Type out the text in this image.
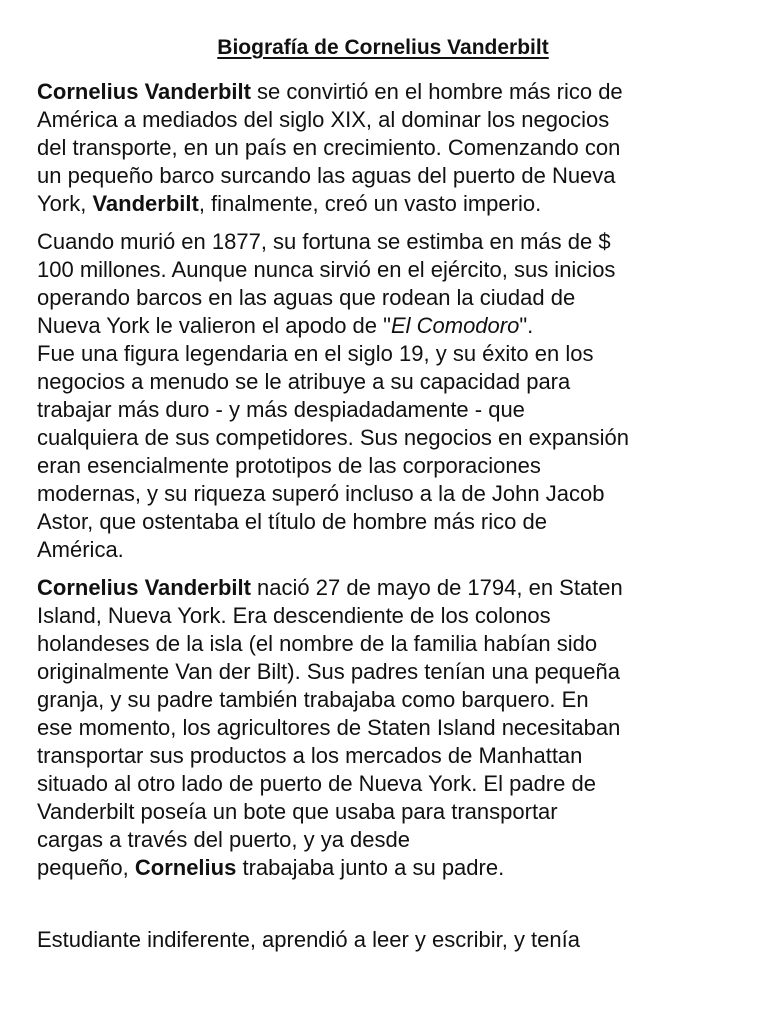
Biografía de Cornelius Vanderbilt

Cornelius Vanderbilt se convirtió en el hombre más rico de
América a mediados del siglo XIX, al dominar los negocios
del transporte, en un país en crecimiento. Comenzando con
un pequeño barco surcando las aguas del puerto de Nueva
York, Vanderbilt, finalmente, creó un vasto imperio.

Cuando murió en 1877, su fortuna se estimba en más de $
100 millones. Aunque nunca sirvió en el ejército, sus inicios
operando barcos en las aguas que rodean la ciudad de
Nueva York le valieron el apodo de "El Comodoro".
Fue una figura legendaria en el siglo 19, y su éxito en los
negocios a menudo se le atribuye a su capacidad para
trabajar más duro - y más despiadadamente - que
cualquiera de sus competidores. Sus negocios en expansión
eran esencialmente prototipos de las corporaciones
modernas, y su riqueza superó incluso a la de John Jacob
Astor, que ostentaba el título de hombre más rico de
América.

Cornelius Vanderbilt nació 27 de mayo de 1794, en Staten
Island, Nueva York. Era descendiente de los colonos
holandeses de la isla (el nombre de la familia habían sido
originalmente Van der Bilt). Sus padres tenían una pequeña
granja, y su padre también trabajaba como barquero. En
ese momento, los agricultores de Staten Island necesitaban
transportar sus productos a los mercados de Manhattan
situado al otro lado de puerto de Nueva York. El padre de
Vanderbilt poseía un bote que usaba para transportar
cargas a través del puerto, y ya desde
pequeño, Cornelius trabajaba junto a su padre.

Estudiante indiferente, aprendió a leer y escribir, y tenía
